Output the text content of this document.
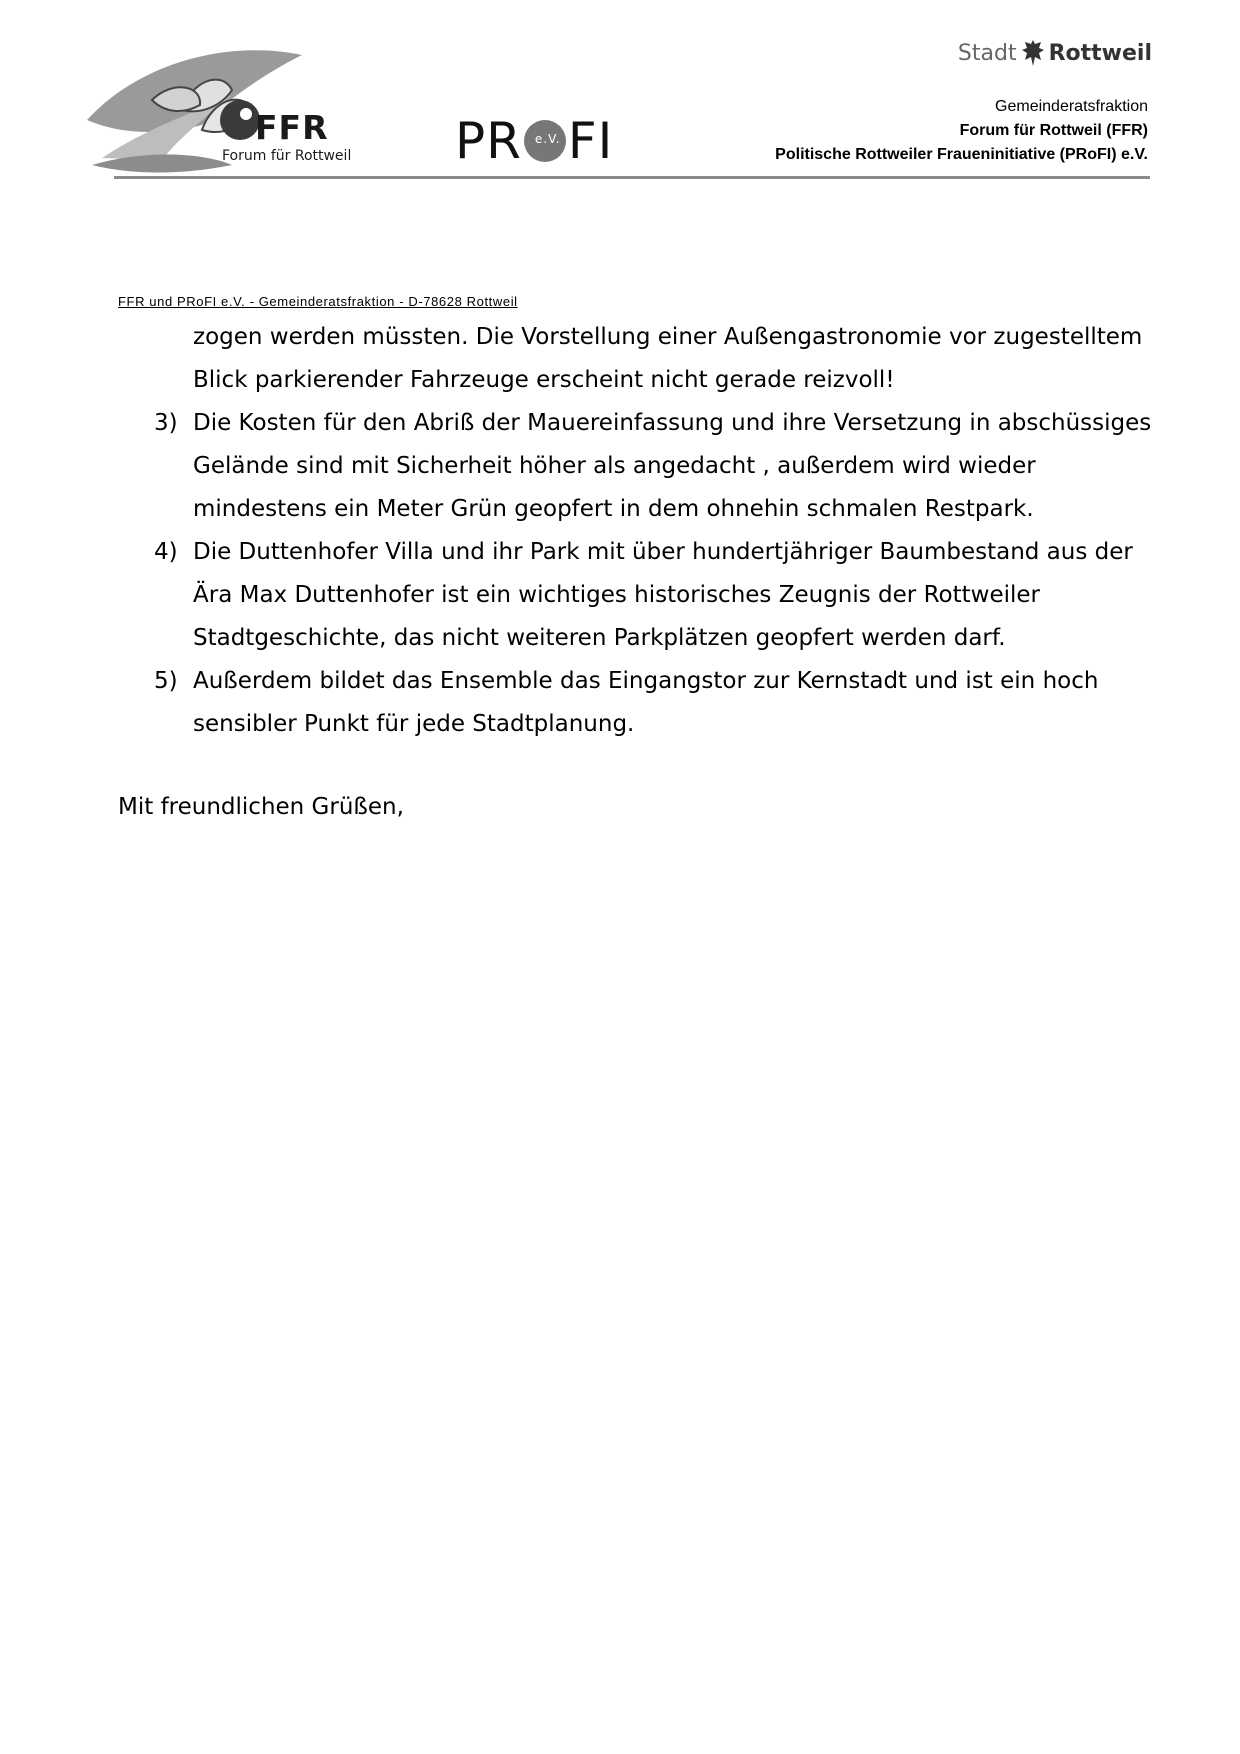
FFR
Forum für Rottweil PR e.V. FI
Stadt Rottweil
Gemeinderatsfraktion
Forum für Rottweil (FFR)
Politische Rottweiler Fraueninitiative (PRoFI) e.V.
FFR und PRoFI e.V. - Gemeinderatsfraktion - D-78628 Rottweil
zogen werden müssten. Die Vorstellung einer Außengastronomie vor zugestelltem Blick parkierender Fahrzeuge erscheint nicht gerade reizvoll!
3) Die Kosten für den Abriß der Mauereinfassung und ihre Versetzung in abschüssiges Gelände sind mit Sicherheit höher als angedacht , außerdem wird wieder mindestens ein Meter Grün geopfert in dem ohnehin schmalen Restpark.
4) Die Duttenhofer Villa und ihr Park mit über hundertjähriger Baumbestand aus der Ära Max Duttenhofer ist ein wichtiges historisches Zeugnis der Rottweiler Stadtgeschichte, das nicht weiteren Parkplätzen geopfert werden darf.
5) Außerdem bildet das Ensemble das Eingangstor zur Kernstadt und ist ein hoch sensibler Punkt für jede Stadtplanung.
Mit freundlichen Grüßen,
